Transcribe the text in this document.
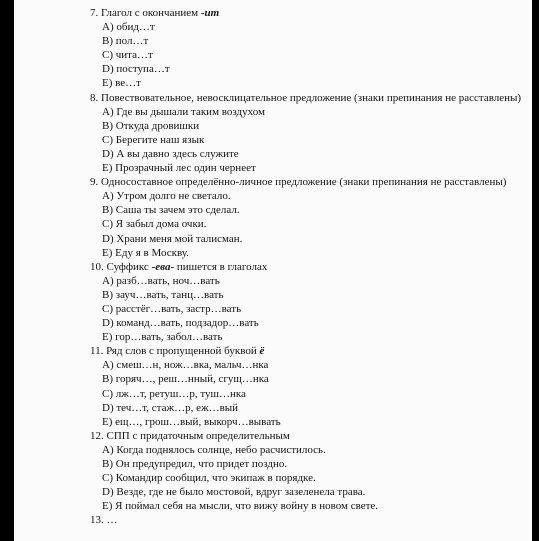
7. Глагол с окончанием -ит
А) обид…т
В) пол…т
С) чита…т
D) поступа…т
Е) ве…т
8. Повествовательное, невосклицательное предложение (знаки препинания не расставлены)
А) Где вы дышали таким воздухом
В) Откуда дровишки
С) Берегите наш язык
D) А вы давно здесь служите
Е) Прозрачный лес один чернеет
9. Односоставное определённо-личное предложение (знаки препинания не расставлены)
А) Утром долго не светало.
В) Саша ты зачем это сделал.
С) Я забыл дома очки.
D) Храни меня мой талисман.
Е) Еду я в Москву.
10. Суффикс -ева- пишется в глаголах
А) разб…вать, ноч…вать
В) зауч…вать, танц…вать
С) расстёг…вать, застр…вать
D) команд…вать, подзадор…вать
Е) гор…вать, забол…вать
11. Ряд слов с пропущенной буквой ё
А) смеш…н, нож…вка, мальч…нка
В) горяч…, реш…нный, сгущ…нка
С) лж…т, ретуш…р, туш…нка
D) теч…т, стаж…р, еж…вый
Е) ещ…, грош…вый, выкорч…вывать
12. СПП с придаточным определительным
А) Когда поднялось солнце, небо расчистилось.
В) Он предупредил, что придет поздно.
С) Командир сообщил, что экипаж в порядке.
D) Везде, где не было мостовой, вдруг зазеленела трава.
Е) Я поймал себя на мысли, что вижу войну в новом свете.
13. …
